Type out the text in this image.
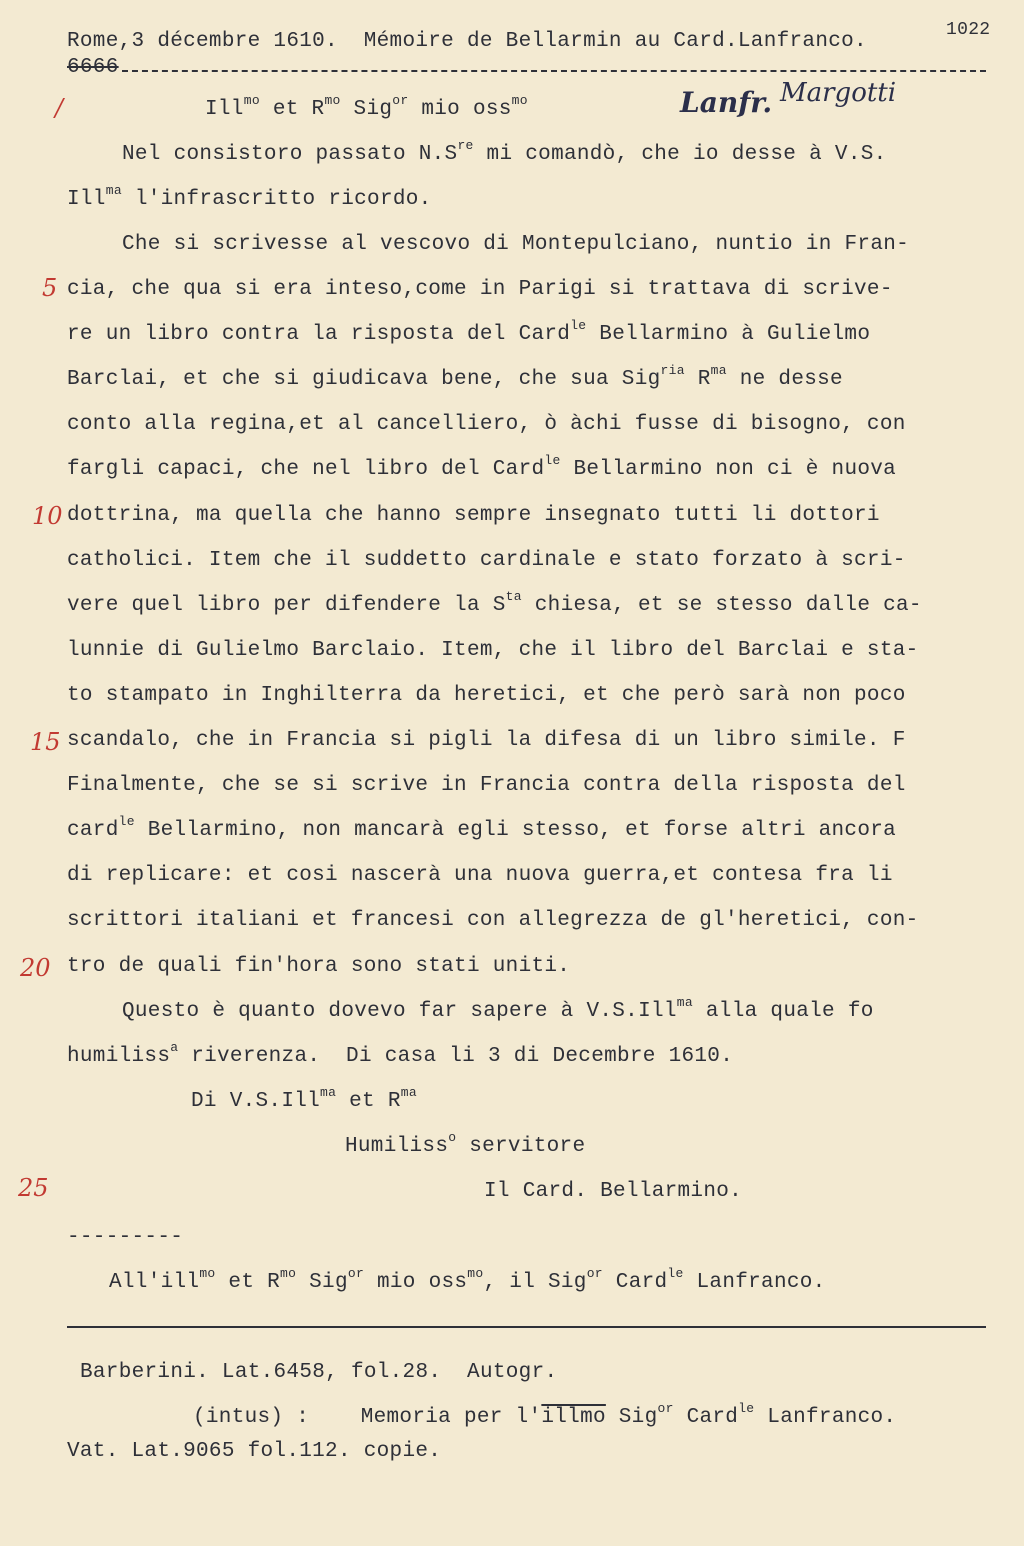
Rome,3 décembre 1610.  Mémoire de Bellarmin au Card.Lanfranco.	1022
6666
/
5
10
15
20
25
Lanfr. Margotti
Ill$^{mo}$ et $R^{mo}$ Sig$^{or}$ mio oss$^{mo}$
Nel consistoro passato $N.S^{re}$ mi comandò, che io desse à V.S.
Ill$^{ma}$ l'infrascritto ricordo.
Che si scrivesse al vescovo di Montepulciano, nuntio in Fran-
cia, che qua si era inteso,come in Parigi si trattava di scrive-
re un libro contra la risposta del Card$^{le}$ Bellarmino à Gulielmo
Barclai, et che si giudicava bene, che sua Sig$^{ria}$ $R^{ma}$ ne desse
conto alla regina,et al cancelliero, ò àchi fusse di bisogno, con
fargli capaci, che nel libro del Card$^{le}$ Bellarmino non ci è nuova
dottrina, ma quella che hanno sempre insegnato tutti li dottori
catholici. Item che il suddetto cardinale e stato forzato à scri-
vere quel libro per difendere la $S^{ta}$ chiesa, et se stesso dalle ca-
lunnie di Gulielmo Barclaio. Item, che il libro del Barclai e sta-
to stampato in Inghilterra da heretici, et che però sarà non poco
scandalo, che in Francia si pigli la difesa di un libro simile. F
Finalmente, che se si scrive in Francia contra della risposta del
card$^{le}$ Bellarmino, non mancarà egli stesso, et forse altri ancora
di replicare: et cosi nascerà una nuova guerra,et contesa fra li
scrittori italiani et francesi con allegrezza de gl'heretici, con-
tro de quali fin'hora sono stati uniti.
Questo è quanto dovevo far sapere à V.S.Ill$^{ma}$ alla quale fo
humiliss$^a$ riverenza.  Di casa li 3 di Decembre 1610.
Di V.S.Ill$^{ma}$ et $R^{ma}$
Humiliss$^o$ servitore
Il Card. Bellarmino.
---------
All'ill$^{mo}$ et $R^{mo}$ Sig$^{or}$ mio oss$^{mo}$, il Sig$^{or}$ Card$^{le}$ Lanfranco.
Barberini. Lat.6458, fol.28.  Autogr.
(intus) :    Memoria per l'illmo Sig$^{or}$ Card$^{le}$ Lanfranco.
Vat. Lat.9065 fol.112. copie.
